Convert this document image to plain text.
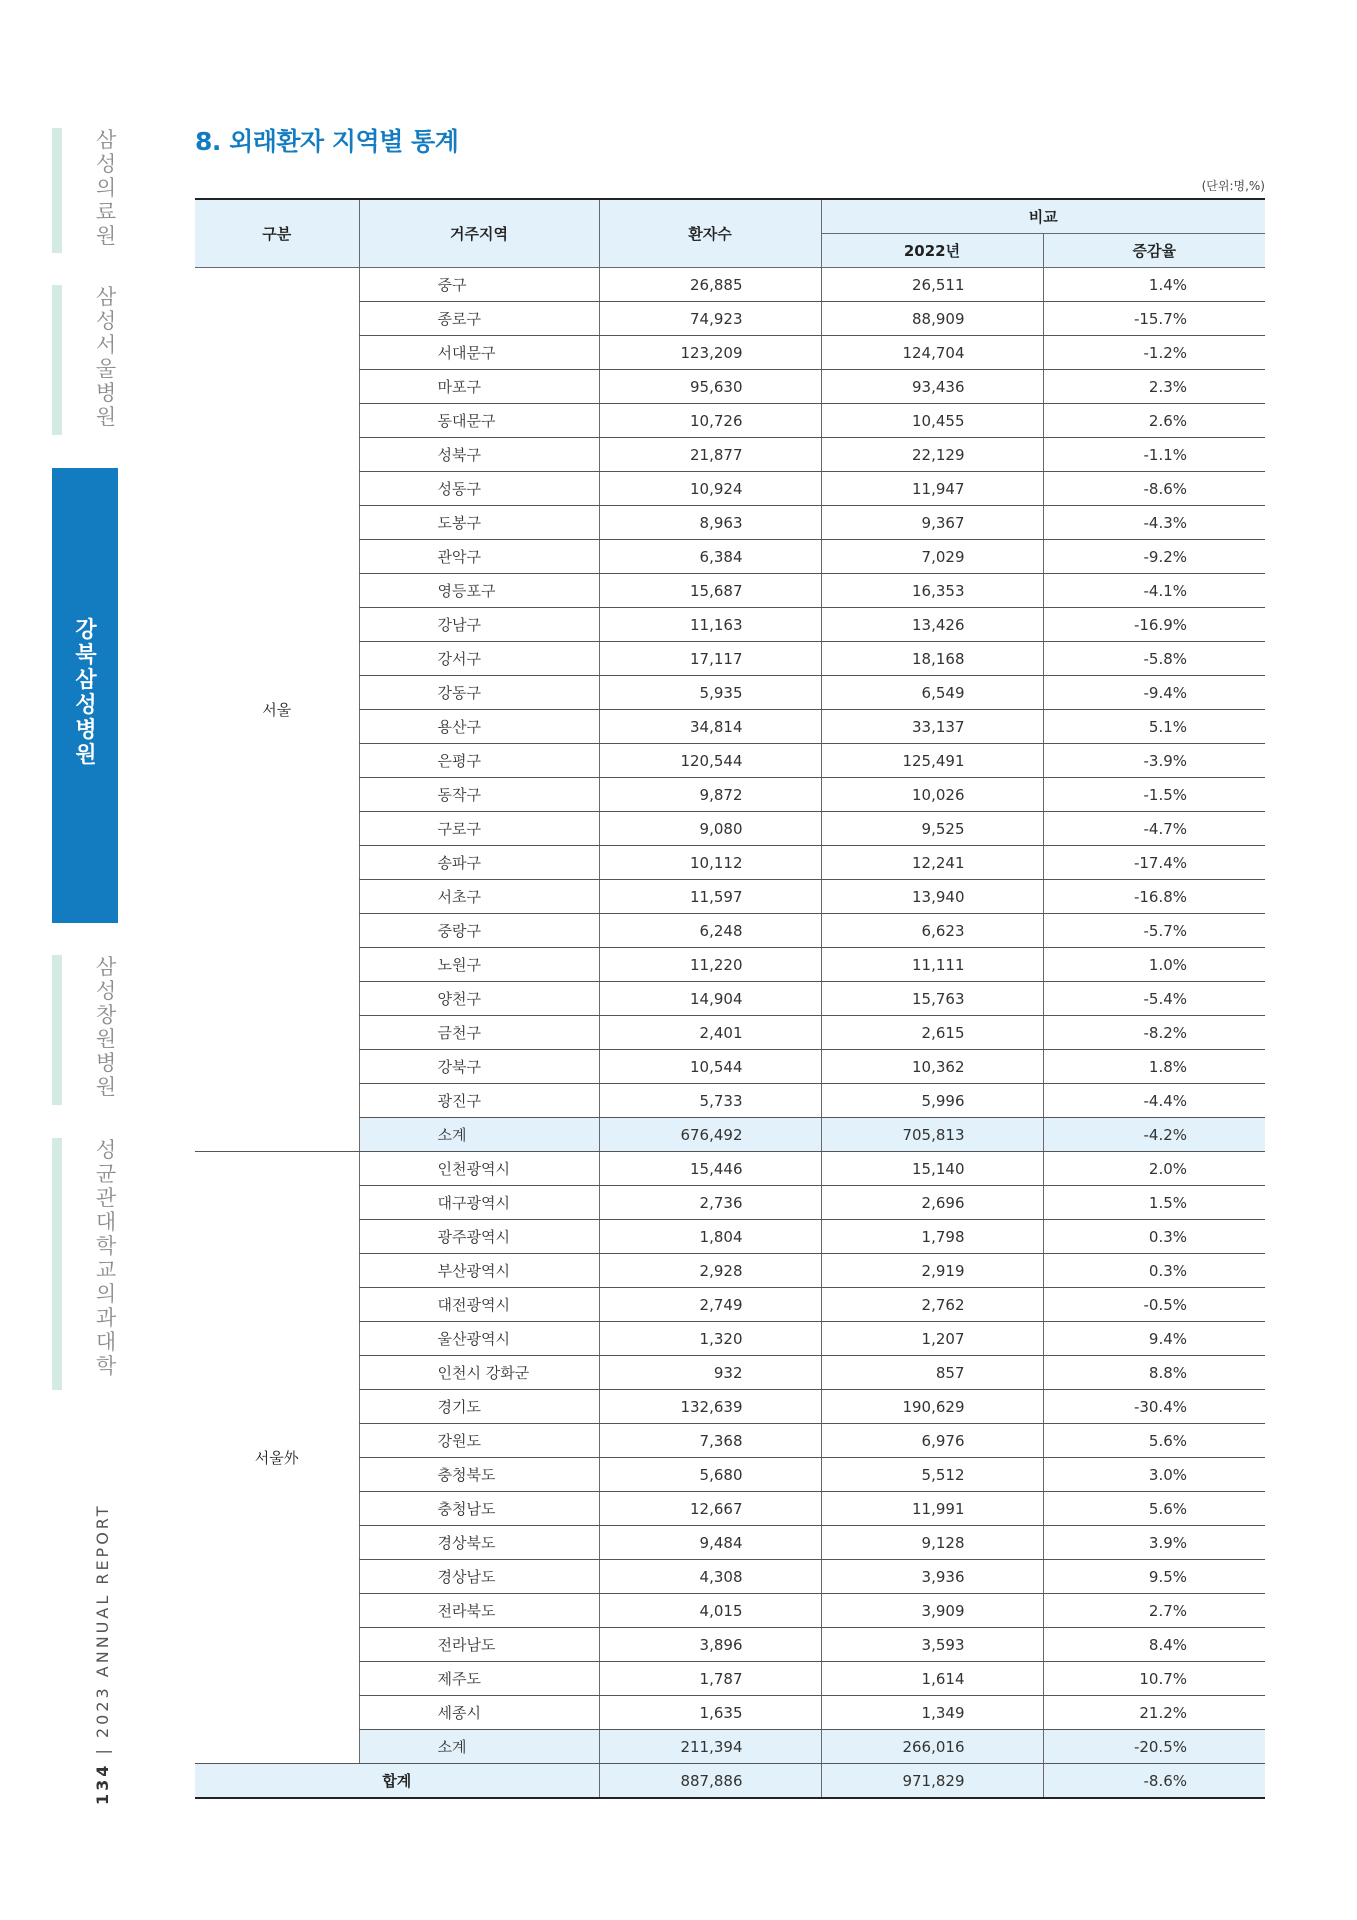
삼성의료원
삼성서울병원
강북삼성병원
삼성창원병원
성균관대학교 의과대학
134 | 2023 ANNUAL REPORT
8. 외래환자 지역별 통계
(단위:명,%)
구분	거주지역	환자수	비교	
			2022년	증감율
서울	중구	26,885	26,511	1.4%
	종로구	74,923	88,909	-15.7%
	서대문구	123,209	124,704	-1.2%
	마포구	95,630	93,436	2.3%
	동대문구	10,726	10,455	2.6%
	성북구	21,877	22,129	-1.1%
	성동구	10,924	11,947	-8.6%
	도봉구	8,963	9,367	-4.3%
	관악구	6,384	7,029	-9.2%
	영등포구	15,687	16,353	-4.1%
	강남구	11,163	13,426	-16.9%
	강서구	17,117	18,168	-5.8%
	강동구	5,935	6,549	-9.4%
	용산구	34,814	33,137	5.1%
	은평구	120,544	125,491	-3.9%
	동작구	9,872	10,026	-1.5%
	구로구	9,080	9,525	-4.7%
	송파구	10,112	12,241	-17.4%
	서초구	11,597	13,940	-16.8%
	중랑구	6,248	6,623	-5.7%
	노원구	11,220	11,111	1.0%
	양천구	14,904	15,763	-5.4%
	금천구	2,401	2,615	-8.2%
	강북구	10,544	10,362	1.8%
	광진구	5,733	5,996	-4.4%
	소계	676,492	705,813	-4.2%
서울外	인천광역시	15,446	15,140	2.0%
	대구광역시	2,736	2,696	1.5%
	광주광역시	1,804	1,798	0.3%
	부산광역시	2,928	2,919	0.3%
	대전광역시	2,749	2,762	-0.5%
	울산광역시	1,320	1,207	9.4%
	인천시 강화군	932	857	8.8%
	경기도	132,639	190,629	-30.4%
	강원도	7,368	6,976	5.6%
	충청북도	5,680	5,512	3.0%
	충청남도	12,667	11,991	5.6%
	경상북도	9,484	9,128	3.9%
	경상남도	4,308	3,936	9.5%
	전라북도	4,015	3,909	2.7%
	전라남도	3,896	3,593	8.4%
	제주도	1,787	1,614	10.7%
	세종시	1,635	1,349	21.2%
	소계	211,394	266,016	-20.5%
합계		887,886	971,829	-8.6%
